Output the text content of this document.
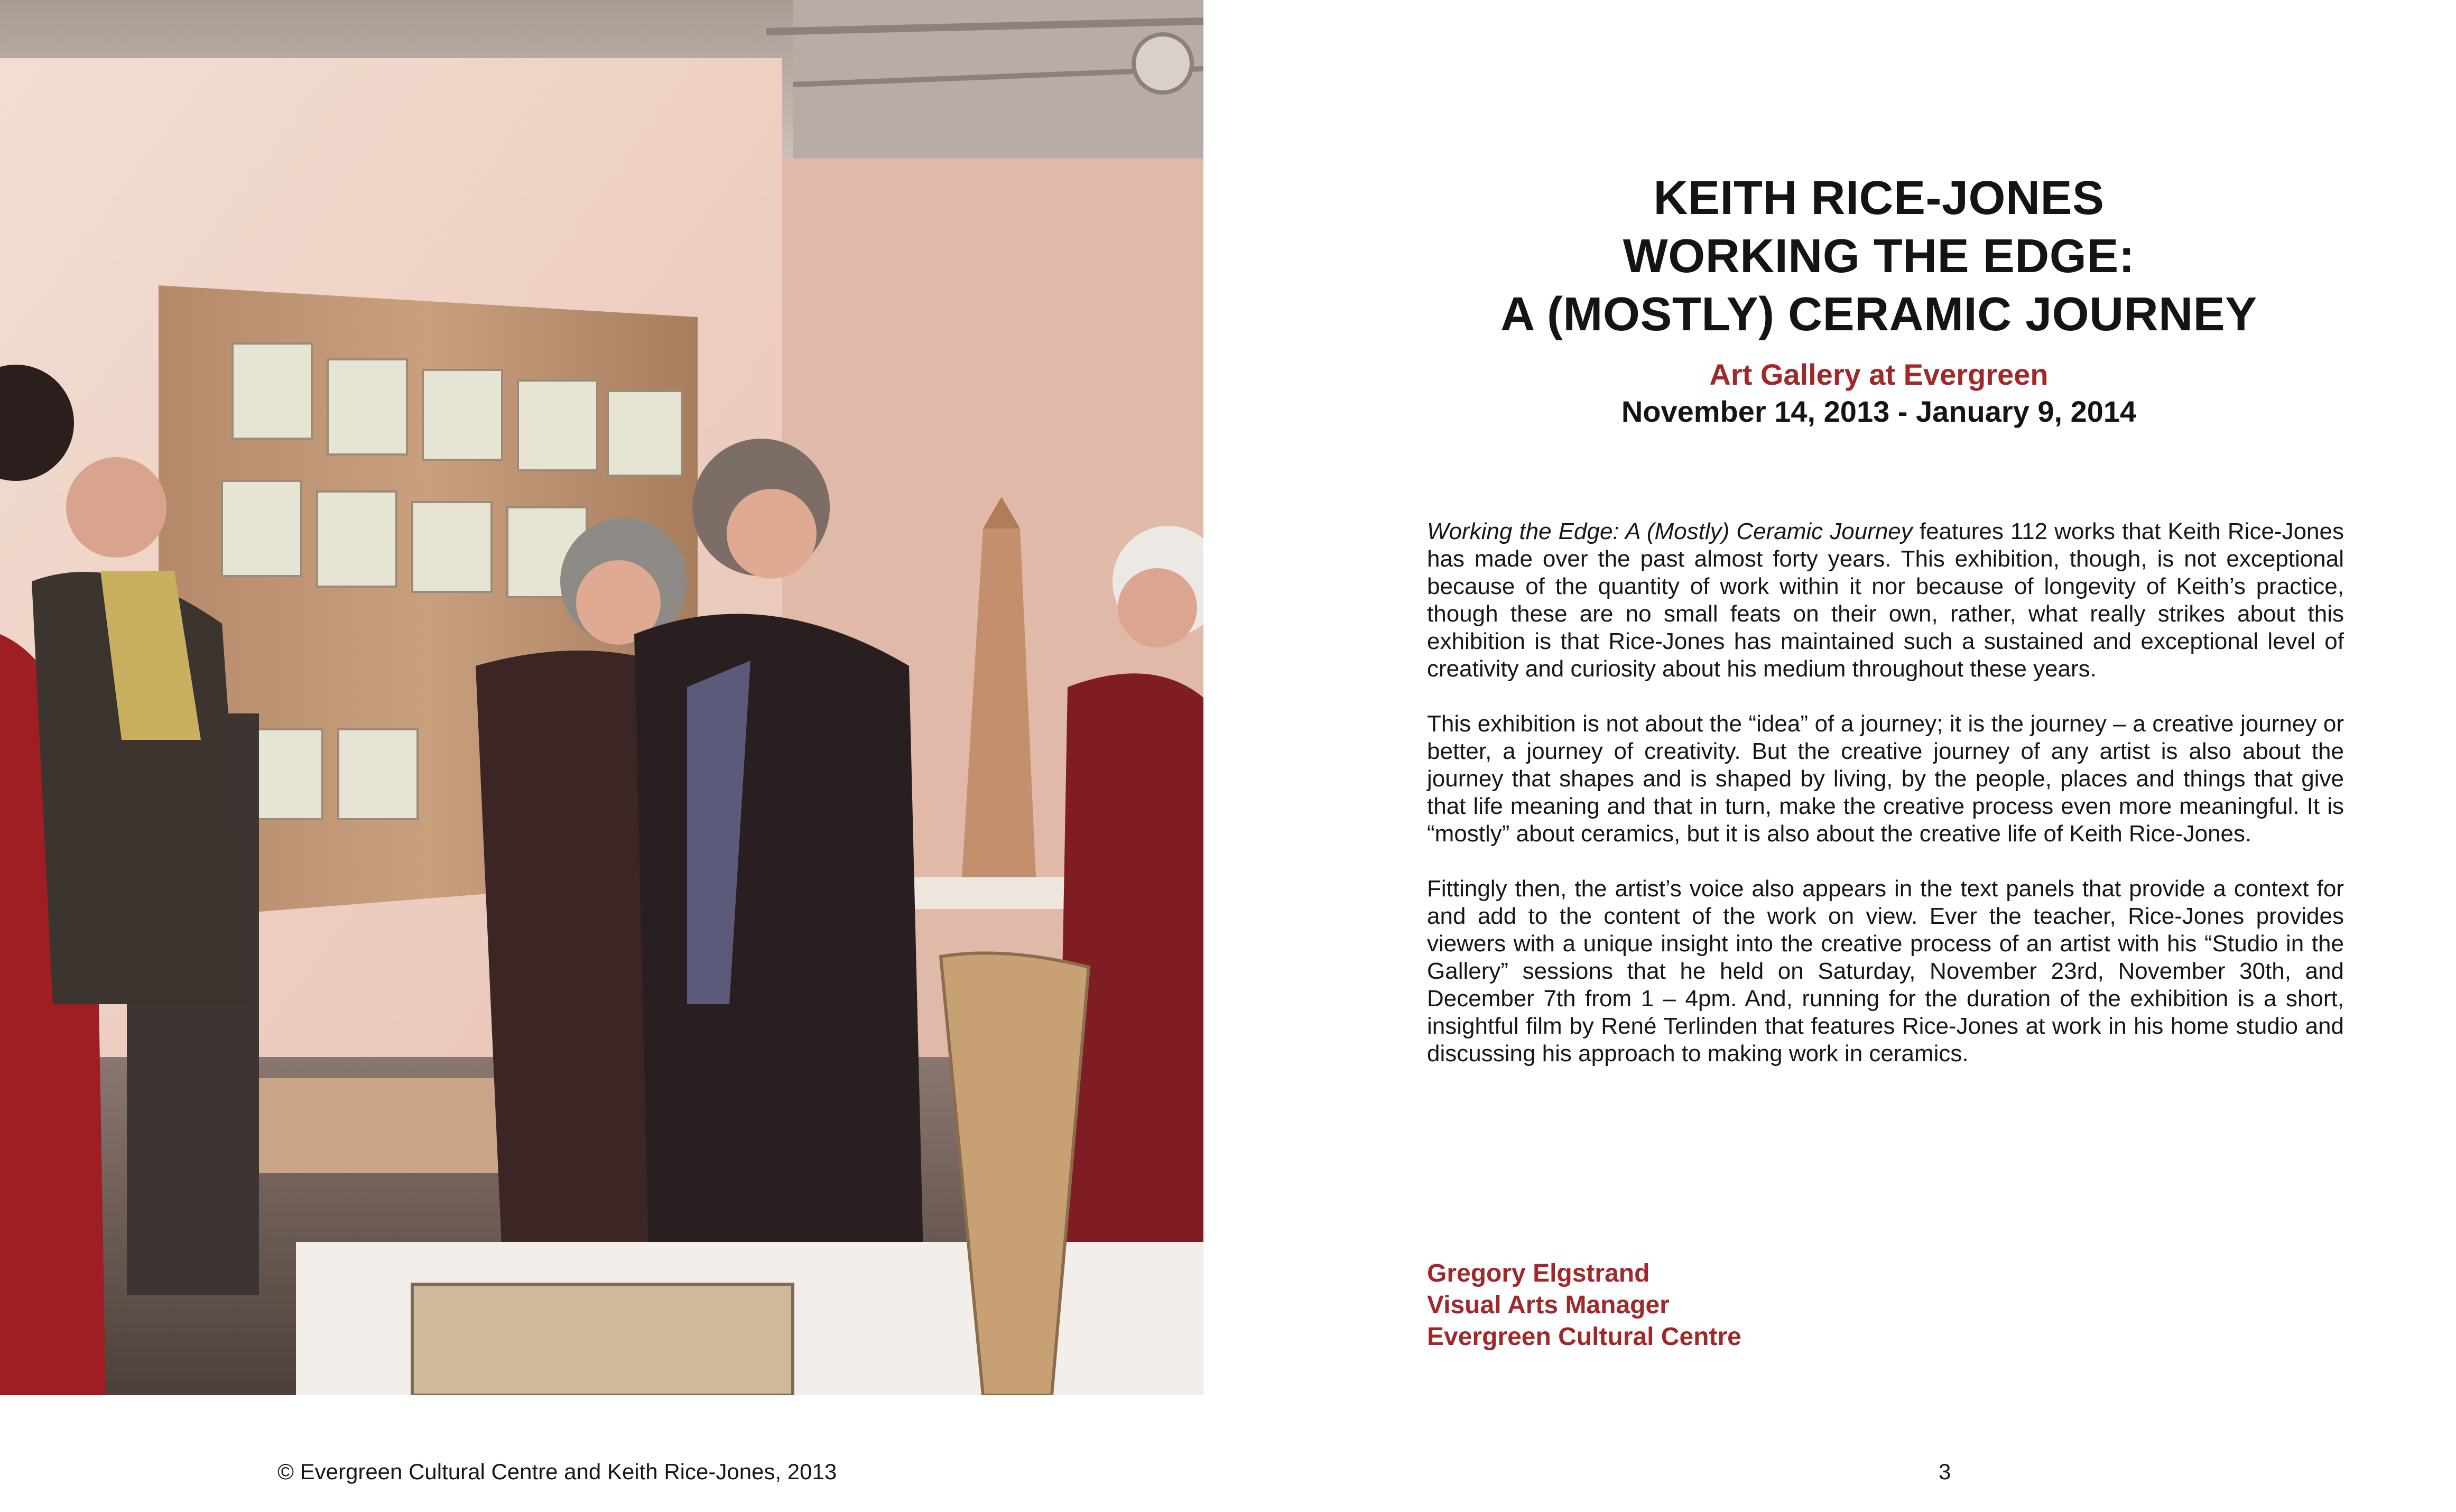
KEITH RICE-JONES
WORKING THE EDGE:
A (MOSTLY) CERAMIC JOURNEY
Art Gallery at Evergreen
November 14, 2013 - January 9, 2014

Working the Edge: A (Mostly) Ceramic Journey features 112 works that Keith Rice-Jones has made over the past almost forty years. This exhibition, though, is not exceptional because of the quantity of work within it nor because of longevity of Keith’s practice, though these are no small feats on their own, rather, what really strikes about this exhibition is that Rice-Jones has maintained such a sustained and exceptional level of creativity and curiosity about his medium throughout these years.

This exhibition is not about the “idea” of a journey; it is the journey – a creative journey or better, a journey of creativity. But the creative journey of any artist is also about the journey that shapes and is shaped by living, by the people, places and things that give that life meaning and that in turn, make the creative process even more meaningful. It is “mostly” about ceramics, but it is also about the creative life of Keith Rice-Jones.

Fittingly then, the artist’s voice also appears in the text panels that provide a context for and add to the content of the work on view. Ever the teacher, Rice-Jones provides viewers with a unique insight into the creative process of an artist with his “Studio in the Gallery” sessions that he held on Saturday, November 23rd, November 30th, and December 7th from 1 – 4pm. And, running for the duration of the exhibition is a short, insightful film by René Terlinden that features Rice-Jones at work in his home studio and discussing his approach to making work in ceramics.

Gregory Elgstrand
Visual Arts Manager
Evergreen Cultural Centre
© Evergreen Cultural Centre and Keith Rice-Jones, 2013	3
